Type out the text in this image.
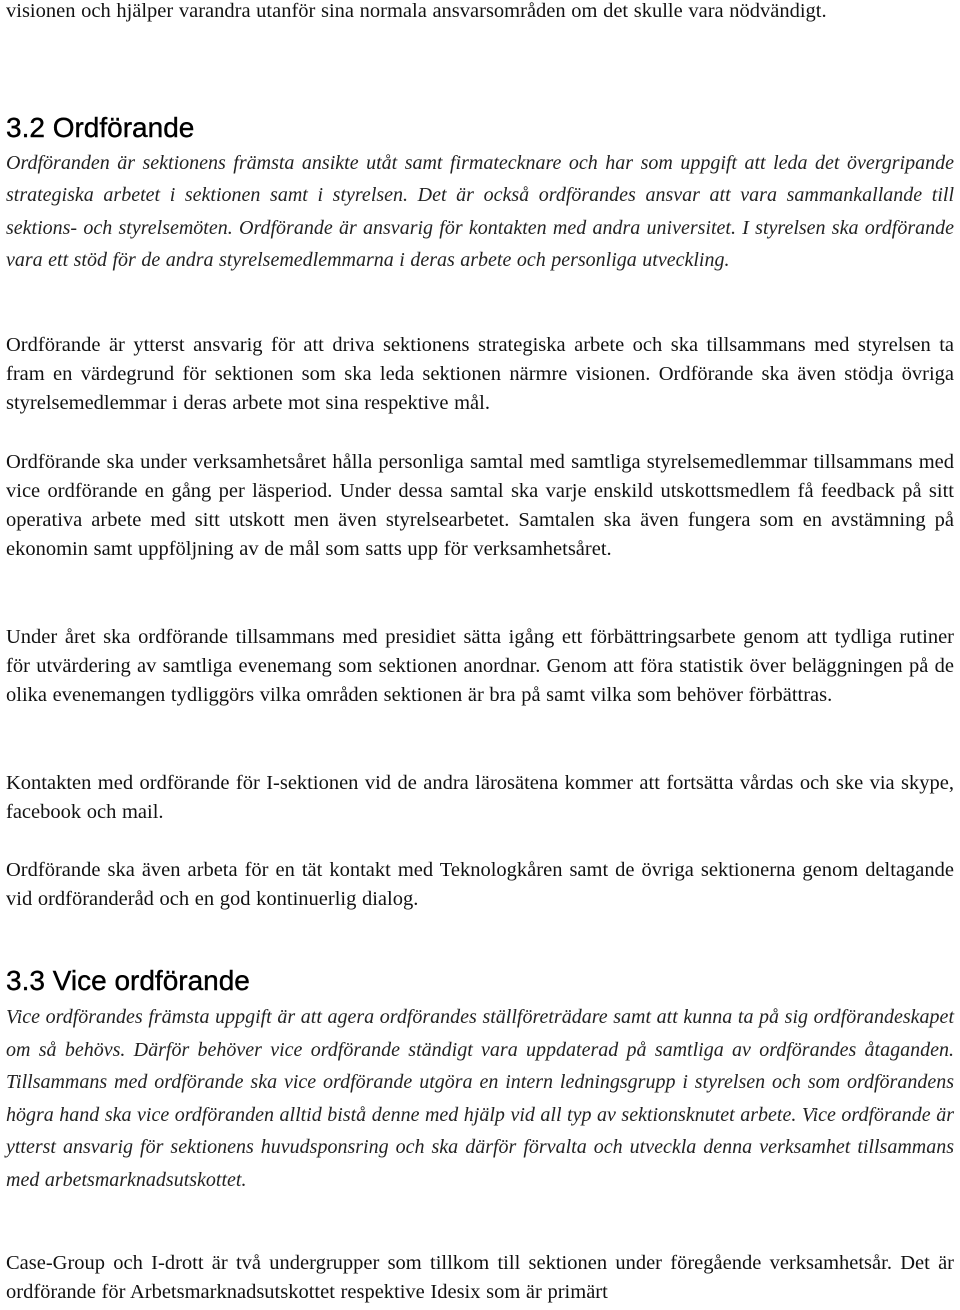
visionen och hjälper varandra utanför sina normala ansvarsområden om det skulle vara nödvändigt.

3.2 Ordförande

Ordföranden är sektionens främsta ansikte utåt samt firmatecknare och har som uppgift att leda det övergripande strategiska arbetet i sektionen samt i styrelsen. Det är också ordförandes ansvar att vara sammankallande till sektions- och styrelsemöten. Ordförande är ansvarig för kontakten med andra universitet. I styrelsen ska ordförande vara ett stöd för de andra styrelsemedlemmarna i deras arbete och personliga utveckling.

Ordförande är ytterst ansvarig för att driva sektionens strategiska arbete och ska tillsammans med styrelsen ta fram en värdegrund för sektionen som ska leda sektionen närmre visionen. Ordförande ska även stödja övriga styrelsemedlemmar i deras arbete mot sina respektive mål.

Ordförande ska under verksamhetsåret hålla personliga samtal med samtliga styrelsemedlemmar tillsammans med vice ordförande en gång per läsperiod. Under dessa samtal ska varje enskild utskottsmedlem få feedback på sitt operativa arbete med sitt utskott men även styrelsearbetet. Samtalen ska även fungera som en avstämning på ekonomin samt uppföljning av de mål som satts upp för verksamhetsåret.

Under året ska ordförande tillsammans med presidiet sätta igång ett förbättringsarbete genom att tydliga rutiner för utvärdering av samtliga evenemang som sektionen anordnar. Genom att föra statistik över beläggningen på de olika evenemangen tydliggörs vilka områden sektionen är bra på samt vilka som behöver förbättras.

Kontakten med ordförande för I-sektionen vid de andra lärosätena kommer att fortsätta vårdas och ske via skype, facebook och mail.

Ordförande ska även arbeta för en tät kontakt med Teknologkåren samt de övriga sektionerna genom deltagande vid ordföranderåd och en god kontinuerlig dialog.

3.3 Vice ordförande

Vice ordförandes främsta uppgift är att agera ordförandes ställföreträdare samt att kunna ta på sig ordförandeskapet om så behövs. Därför behöver vice ordförande ständigt vara uppdaterad på samtliga av ordförandes åtaganden. Tillsammans med ordförande ska vice ordförande utgöra en intern ledningsgrupp i styrelsen och som ordförandens högra hand ska vice ordföranden alltid bistå denne med hjälp vid all typ av sektionsknutet arbete. Vice ordförande är ytterst ansvarig för sektionens huvudsponsring och ska därför förvalta och utveckla denna verksamhet tillsammans med arbetsmarknadsutskottet.

Case-Group och I-drott är två undergrupper som tillkom till sektionen under föregående verksamhetsår. Det är ordförande för Arbetsmarknadsutskottet respektive Idesix som är primärt
